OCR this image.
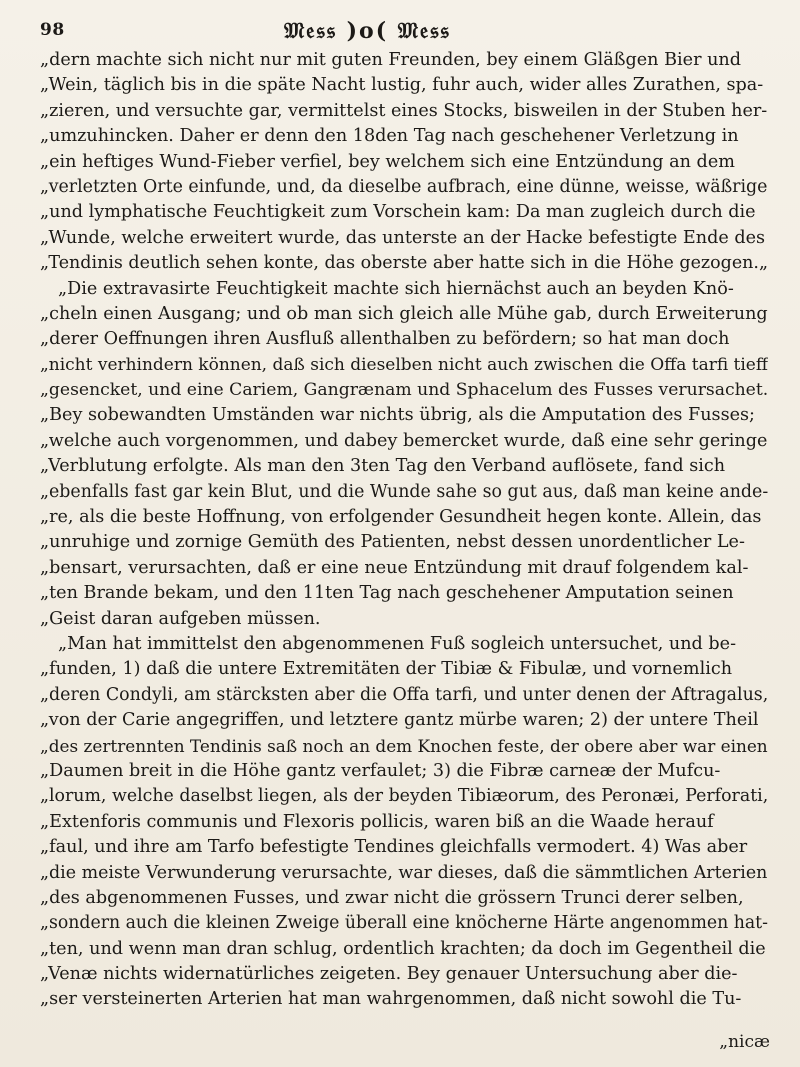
98	𝔐𝔢𝔰𝔰 )o( 𝔐𝔢𝔰𝔰
„dern machte sich nicht nur mit guten Freunden, bey einem Gläßgen Bier und
„Wein, täglich bis in die späte Nacht lustig, fuhr auch, wider alles Zurathen, spa-
„zieren, und versuchte gar, vermittelst eines Stocks, bisweilen in der Stuben her-
„umzuhincken. Daher er denn den 18den Tag nach geschehener Verletzung in
„ein heftiges Wund-Fieber verfiel, bey welchem sich eine Entzündung an dem
„verletzten Orte einfunde, und, da dieselbe aufbrach, eine dünne, weisse, wäßrige
„und lymphatische Feuchtigkeit zum Vorschein kam: Da man zugleich durch die
„Wunde, welche erweitert wurde, das unterste an der Hacke befestigte Ende des
„Tendinis deutlich sehen konte, das oberste aber hatte sich in die Höhe gezogen.„
„Die extravasirte Feuchtigkeit machte sich hiernächst auch an beyden Knö-
„cheln einen Ausgang; und ob man sich gleich alle Mühe gab, durch Erweiterung
„derer Oeffnungen ihren Ausfluß allenthalben zu befördern; so hat man doch
„nicht verhindern können, daß sich dieselben nicht auch zwischen die Offa tarfi tieff
„gesencket, und eine Cariem, Gangrænam und Sphacelum des Fusses verursachet.
„Bey sobewandten Umständen war nichts übrig, als die Amputation des Fusses;
„welche auch vorgenommen, und dabey bemercket wurde, daß eine sehr geringe
„Verblutung erfolgte. Als man den 3ten Tag den Verband auflösete, fand sich
„ebenfalls fast gar kein Blut, und die Wunde sahe so gut aus, daß man keine ande-
„re, als die beste Hoffnung, von erfolgender Gesundheit hegen konte. Allein, das
„unruhige und zornige Gemüth des Patienten, nebst dessen unordentlicher Le-
„bensart, verursachten, daß er eine neue Entzündung mit drauf folgendem kal-
„ten Brande bekam, und den 11ten Tag nach geschehener Amputation seinen
„Geist daran aufgeben müssen.
„Man hat immittelst den abgenommenen Fuß sogleich untersuchet, und be-
„funden, 1) daß die untere Extremitäten der Tibiæ & Fibulæ, und vornemlich
„deren Condyli, am stärcksten aber die Offa tarfi, und unter denen der Aftragalus,
„von der Carie angegriffen, und letztere gantz mürbe waren; 2) der untere Theil
„des zertrennten Tendinis saß noch an dem Knochen feste, der obere aber war einen
„Daumen breit in die Höhe gantz verfaulet; 3) die Fibræ carneæ der Mufcu-
„lorum, welche daselbst liegen, als der beyden Tibiæorum, des Peronæi, Perforati,
„Extenforis communis und Flexoris pollicis, waren biß an die Waade herauf
„faul, und ihre am Tarfo befestigte Tendines gleichfalls vermodert. 4) Was aber
„die meiste Verwunderung verursachte, war dieses, daß die sämmtlichen Arterien
„des abgenommenen Fusses, und zwar nicht die grössern Trunci derer selben,
„sondern auch die kleinen Zweige überall eine knöcherne Härte angenommen hat-
„ten, und wenn man dran schlug, ordentlich krachten; da doch im Gegentheil die
„Venæ nichts widernatürliches zeigeten. Bey genauer Untersuchung aber die-
„ser versteinerten Arterien hat man wahrgenommen, daß nicht sowohl die Tu-
„nicæ
